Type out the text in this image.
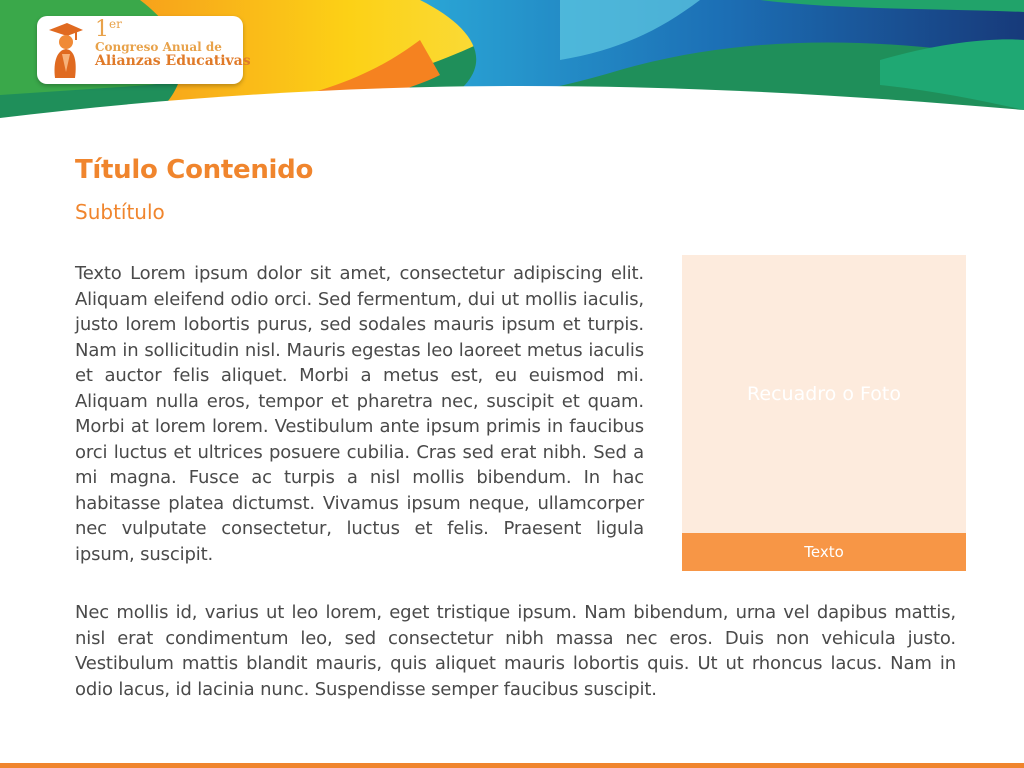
1er
Congreso Anual de
Alianzas Educativas
Título Contenido
Subtítulo

Texto Lorem ipsum dolor sit amet, consectetur adipiscing elit. Aliquam eleifend odio orci. Sed fermentum, dui ut mollis iaculis, justo lorem lobortis purus, sed sodales mauris ipsum et turpis. Nam in sollicitudin nisl. Mauris egestas leo laoreet metus iaculis et auctor felis aliquet. Morbi a metus est, eu euismod mi. Aliquam nulla eros, tempor et pharetra nec, suscipit et quam. Morbi at lorem lorem. Vestibulum ante ipsum primis in faucibus orci luctus et ultrices posuere cubilia. Cras sed erat nibh. Sed a mi magna. Fusce ac turpis a nisl mollis bibendum. In hac habitasse platea dictumst. Vivamus ipsum neque, ullamcorper nec vulputate consectetur, luctus et felis. Praesent ligula ipsum, suscipit.

Recuadro o Foto
Texto

Nec mollis id, varius ut leo lorem, eget tristique ipsum. Nam bibendum, urna vel dapibus mattis, nisl erat condimentum leo, sed consectetur nibh massa nec eros. Duis non vehicula justo. Vestibulum mattis blandit mauris, quis aliquet mauris lobortis quis. Ut ut rhoncus lacus. Nam in odio lacus, id lacinia nunc. Suspendisse semper faucibus suscipit.
